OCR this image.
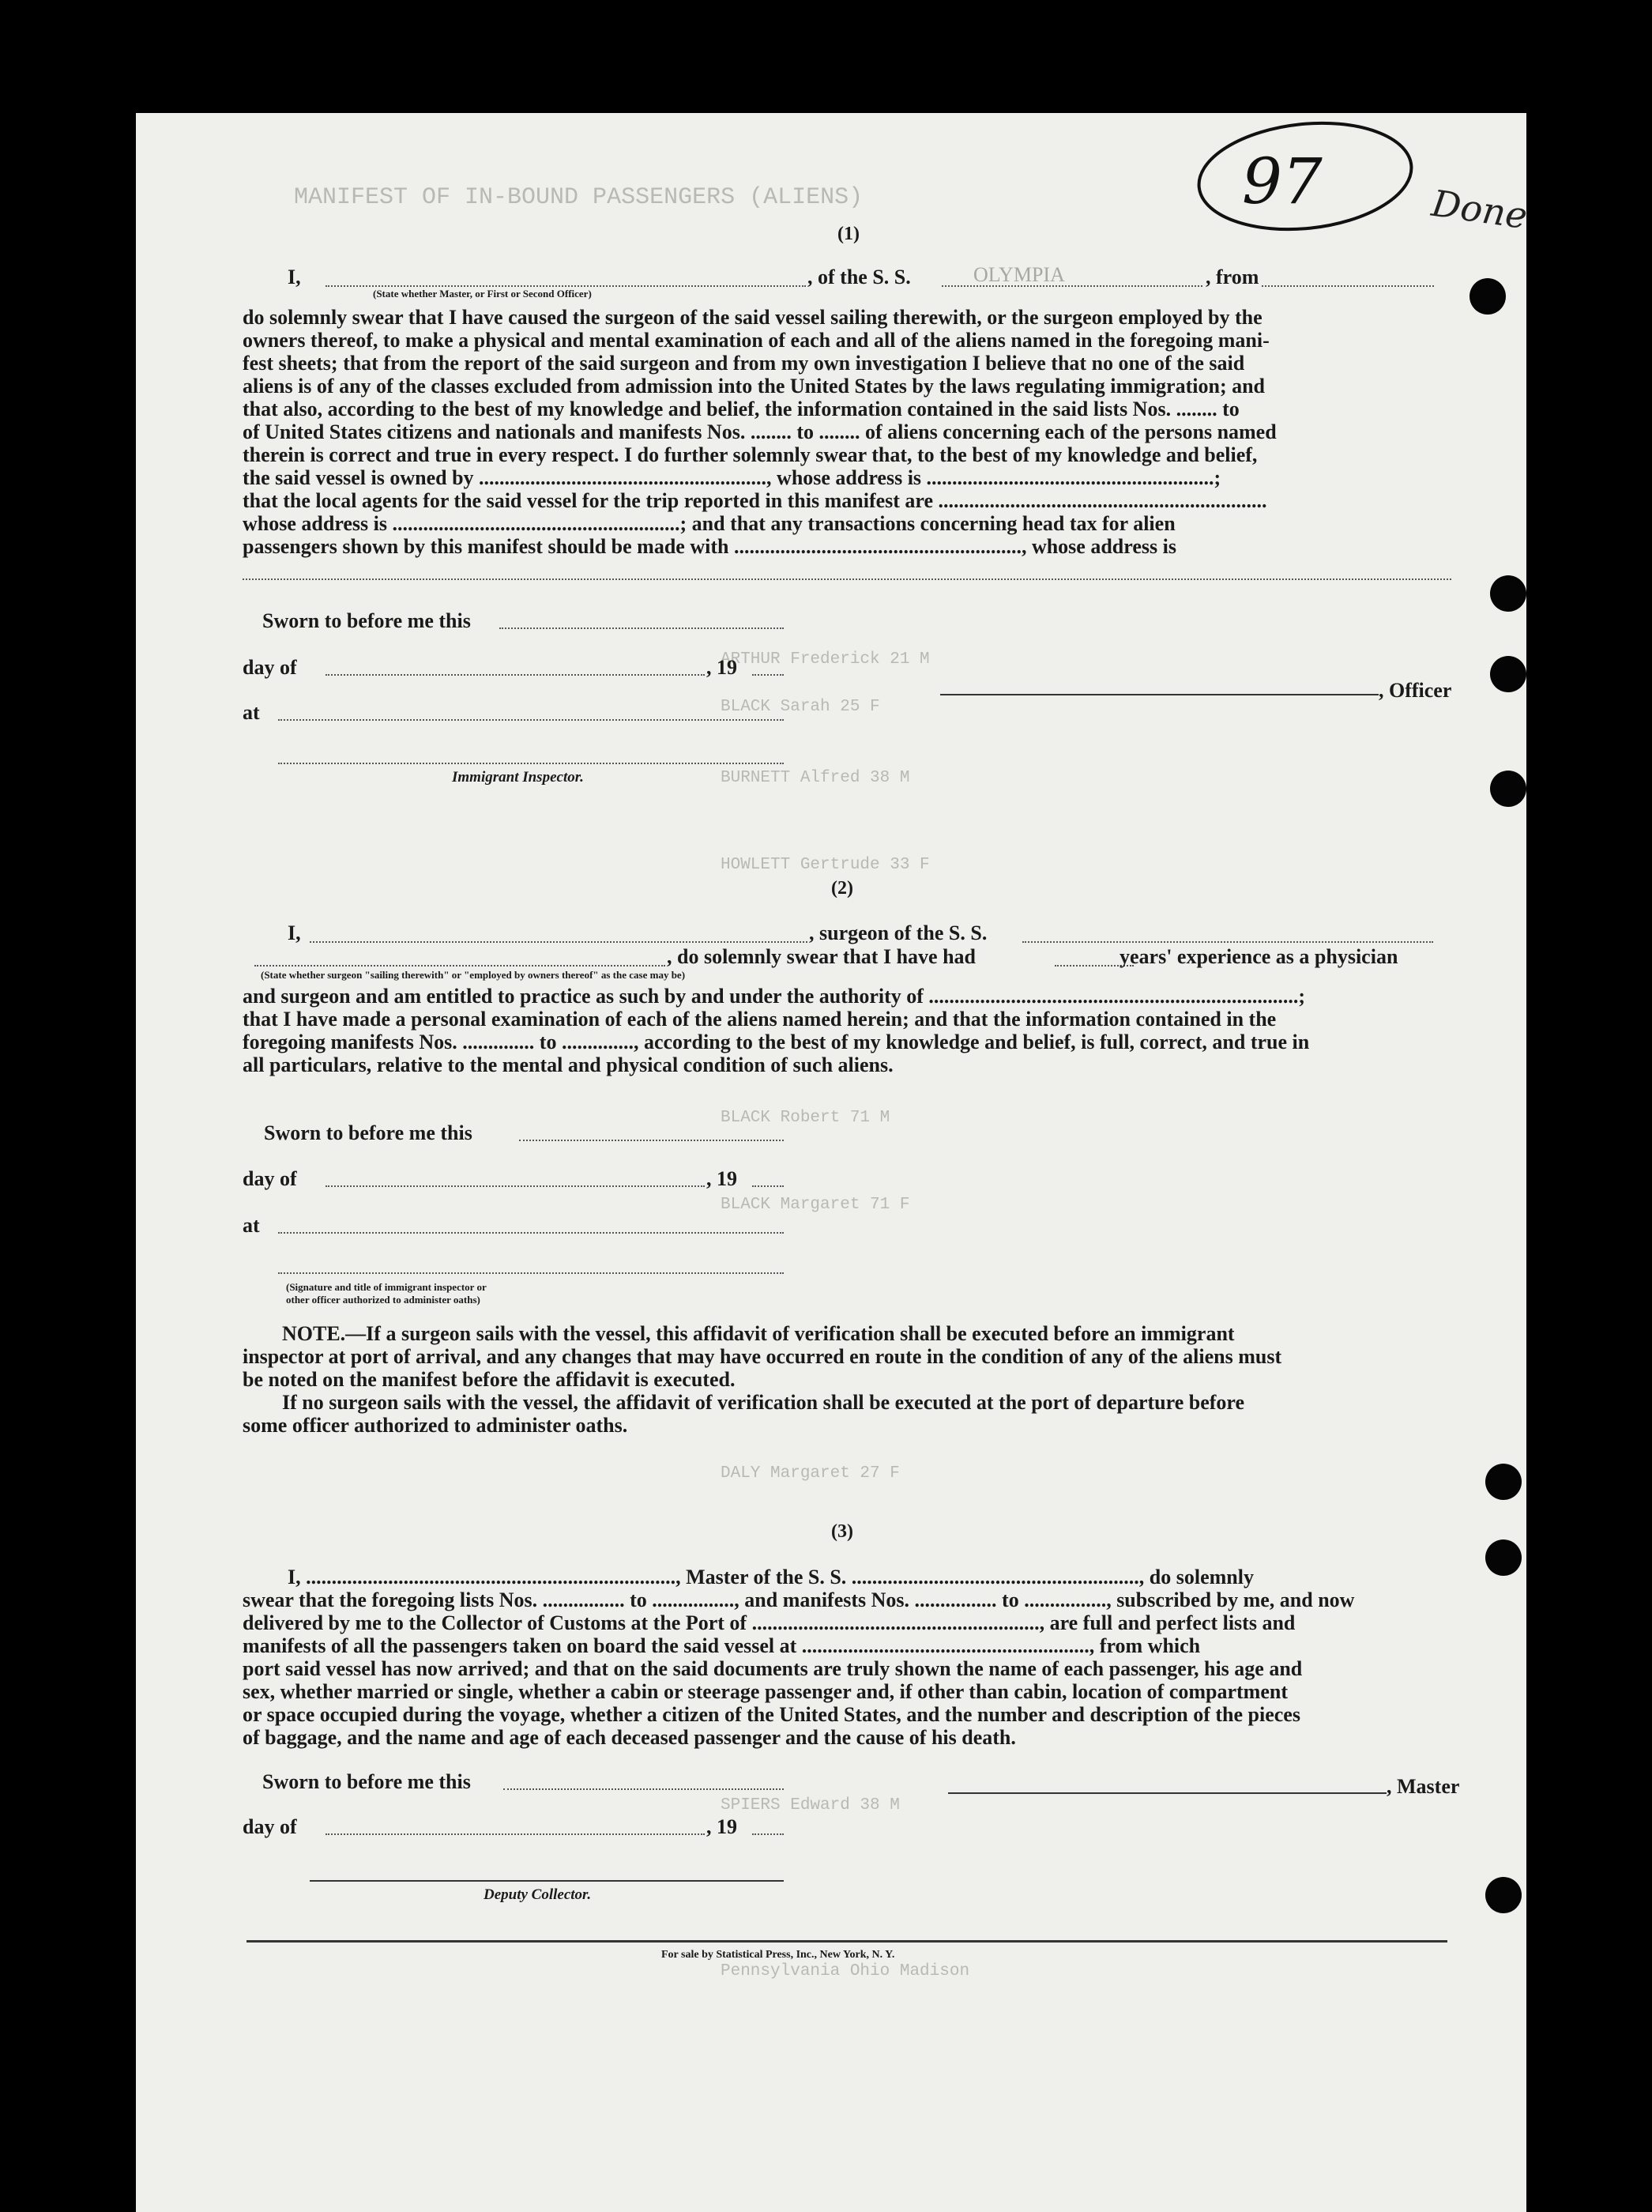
MANIFEST OF IN-BOUND PASSENGERS (ALIENS)
ARTHUR Frederick 21 M
BLACK Sarah 25 F
BURNETT Alfred 38 M
HOWLETT Gertrude 33 F
BLACK Robert 71 M
BLACK Margaret 71 F
DALY Margaret 27 F
SPIERS Edward 38 M
Pennsylvania Ohio Madison
(1)
I,	, of the S. S.	OLYMPIA	, from
(State whether Master, or First or Second Officer)
do solemnly swear that I have caused the surgeon of the said vessel sailing therewith, or the surgeon employed by the
owners thereof, to make a physical and mental examination of each and all of the aliens named in the foregoing mani-
fest sheets; that from the report of the said surgeon and from my own investigation I believe that no one of the said
aliens is of any of the classes excluded from admission into the United States by the laws regulating immigration; and
that also, according to the best of my knowledge and belief, the information contained in the said lists Nos. ........ to
of United States citizens and nationals and manifests Nos. ........ to ........ of aliens concerning each of the persons named
therein is correct and true in every respect. I do further solemnly swear that, to the best of my knowledge and belief,
the said vessel is owned by ........................................................, whose address is ........................................................;
that the local agents for the said vessel for the trip reported in this manifest are ................................................................
whose address is ........................................................; and that any transactions concerning head tax for alien
passengers shown by this manifest should be made with ........................................................, whose address is
Sworn to before me this
day of	, 19
at
Immigrant Inspector.
, Officer
(2)
I,	, surgeon of the S. S.
, do solemnly swear that I have had	years' experience as a physician
(State whether surgeon "sailing therewith" or "employed by owners thereof" as the case may be)
and surgeon and am entitled to practice as such by and under the authority of ........................................................................;
that I have made a personal examination of each of the aliens named herein; and that the information contained in the
foregoing manifests Nos. .............. to .............., according to the best of my knowledge and belief, is full, correct, and true in
all particulars, relative to the mental and physical condition of such aliens.
Sworn to before me this
day of	, 19
at
(Signature and title of immigrant inspector or
other officer authorized to administer oaths)
NOTE.—If a surgeon sails with the vessel, this affidavit of verification shall be executed before an immigrant
inspector at port of arrival, and any changes that may have occurred en route in the condition of any of the aliens must
be noted on the manifest before the affidavit is executed.
If no surgeon sails with the vessel, the affidavit of verification shall be executed at the port of departure before
some officer authorized to administer oaths.
(3)
I, ........................................................................, Master of the S. S. ........................................................, do solemnly
swear that the foregoing lists Nos. ................ to ................, and manifests Nos. ................ to ................, subscribed by me, and now
delivered by me to the Collector of Customs at the Port of ........................................................, are full and perfect lists and
manifests of all the passengers taken on board the said vessel at ........................................................, from which
port said vessel has now arrived; and that on the said documents are truly shown the name of each passenger, his age and
sex, whether married or single, whether a cabin or steerage passenger and, if other than cabin, location of compartment
or space occupied during the voyage, whether a citizen of the United States, and the number and description of the pieces
of baggage, and the name and age of each deceased passenger and the cause of his death.
Sworn to before me this	, Master
day of	, 19
Deputy Collector.
For sale by Statistical Press, Inc., New York, N. Y.
97	Done
